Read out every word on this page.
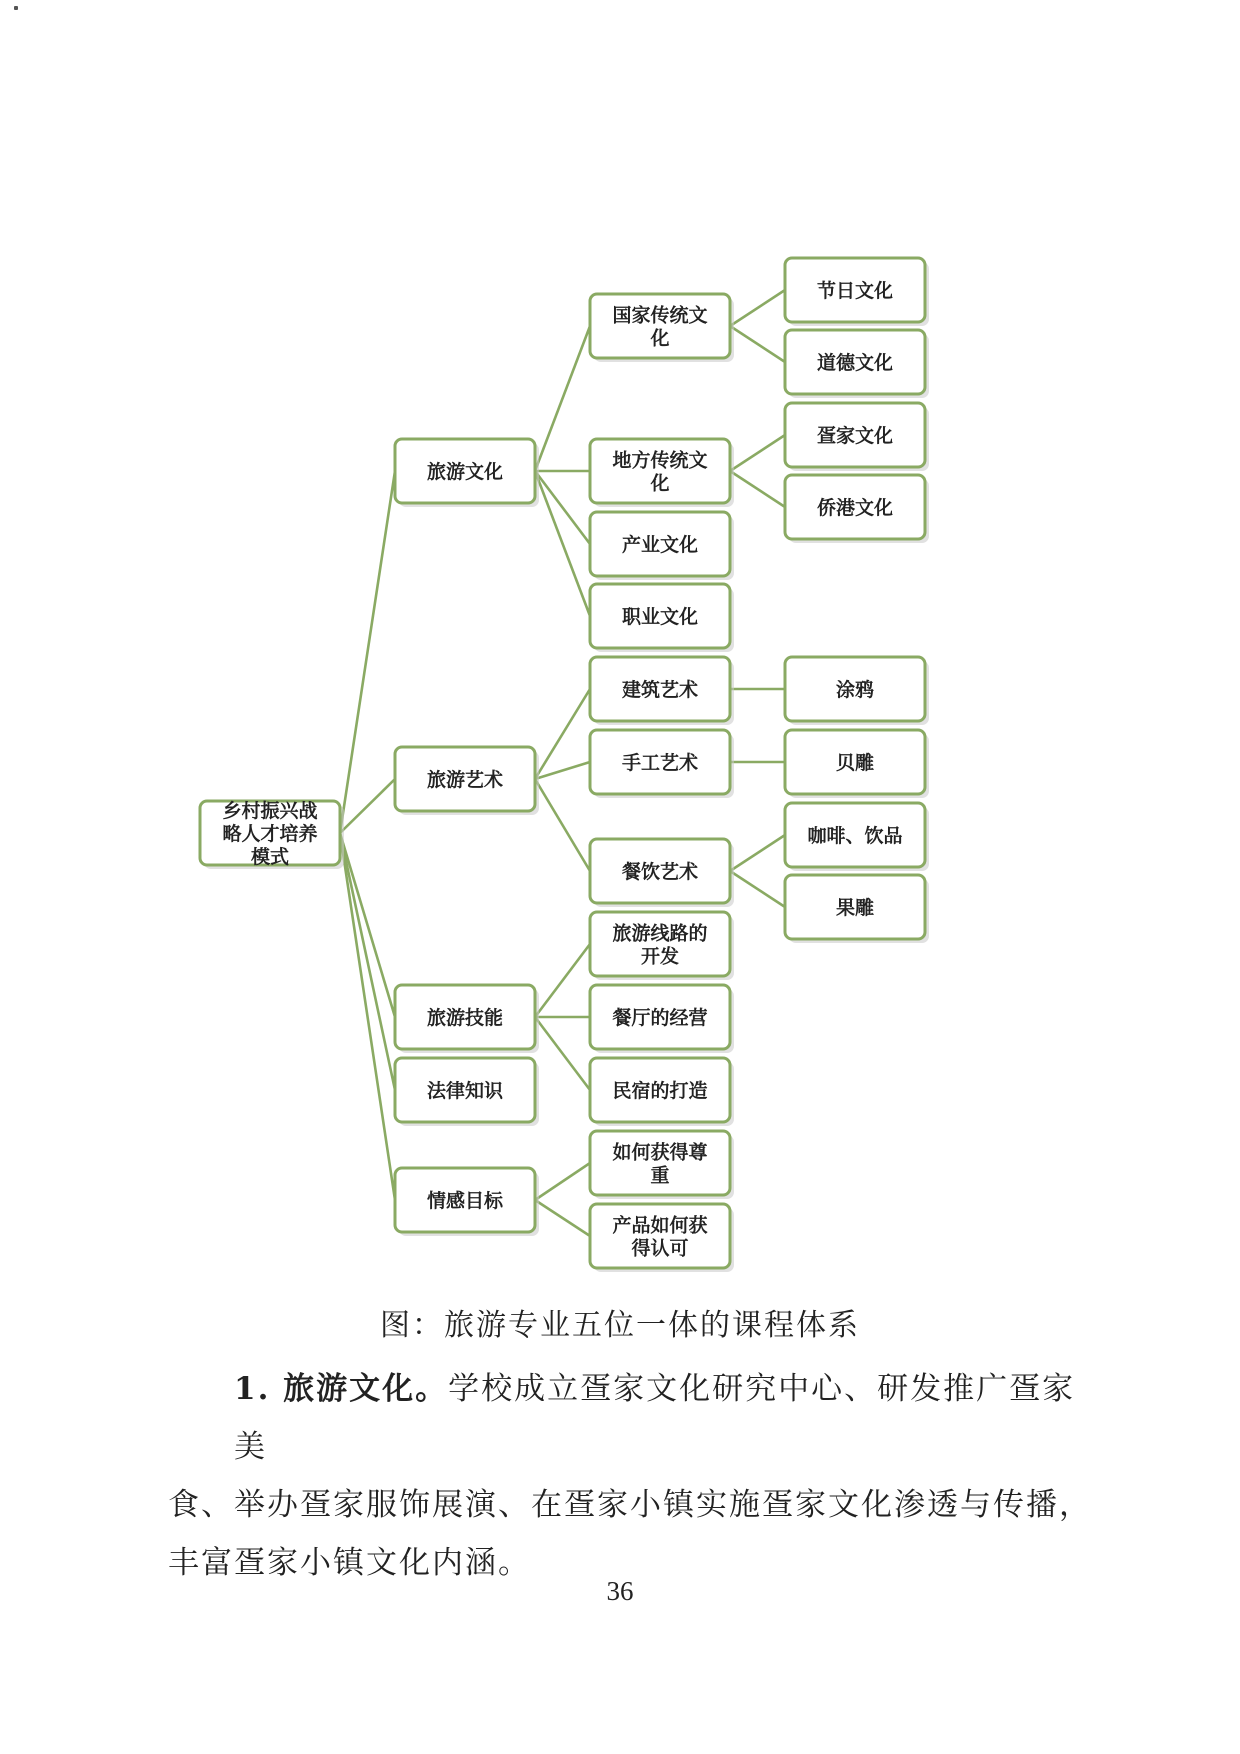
乡村振兴战略人才培养模式
旅游文化
国家传统文化
节日文化
道德文化
地方传统文化
疍家文化
侨港文化
产业文化
职业文化
旅游艺术
建筑艺术	涂鸦
手工艺术	贝雕
餐饮艺术
咖啡、饮品
果雕
旅游技能
旅游线路的开发
餐厅的经营
民宿的打造
法律知识
情感目标
如何获得尊重
产品如何获得认可
图：旅游专业五位一体的课程体系
1. 旅游文化。学校成立疍家文化研究中心、研发推广疍家美
食、举办疍家服饰展演、在疍家小镇实施疍家文化渗透与传播，
丰富疍家小镇文化内涵。
36
